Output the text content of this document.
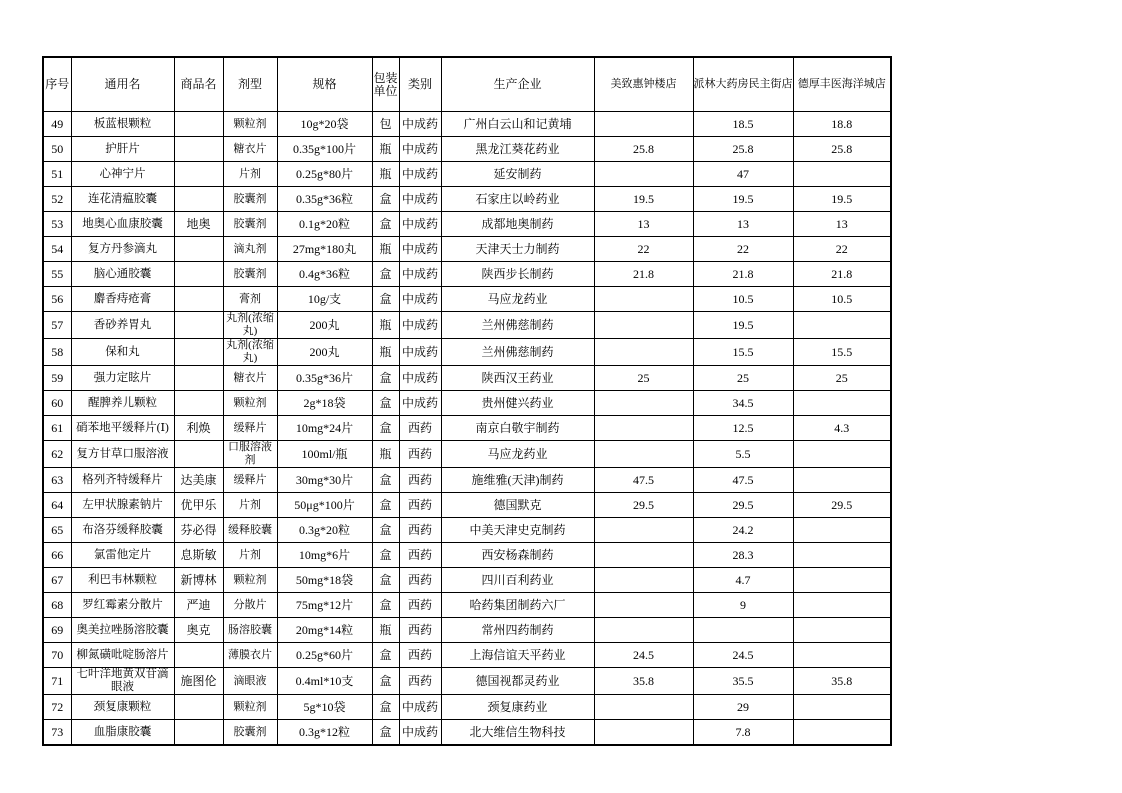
序号	通用名	商品名	剂型	规格	包装单位	类别	生产企业	美致惠钟楼店	派林大药房民主街店	德厚丰医海洋城店
49	板蓝根颗粒		颗粒剂	10g*20袋	包	中成药	广州白云山和记黄埔		18.5	18.8
50	护肝片		糖衣片	0.35g*100片	瓶	中成药	黑龙江葵花药业	25.8	25.8	25.8
51	心神宁片		片剂	0.25g*80片	瓶	中成药	延安制药		47	
52	连花清瘟胶囊		胶囊剂	0.35g*36粒	盒	中成药	石家庄以岭药业	19.5	19.5	19.5
53	地奥心血康胶囊	地奥	胶囊剂	0.1g*20粒	盒	中成药	成都地奥制药	13	13	13
54	复方丹参滴丸		滴丸剂	27mg*180丸	瓶	中成药	天津天士力制药	22	22	22
55	脑心通胶囊		胶囊剂	0.4g*36粒	盒	中成药	陕西步长制药	21.8	21.8	21.8
56	麝香痔疮膏		膏剂	10g/支	盒	中成药	马应龙药业		10.5	10.5
57	香砂养胃丸		丸剂(浓缩丸)	200丸	瓶	中成药	兰州佛慈制药		19.5	
58	保和丸		丸剂(浓缩丸)	200丸	瓶	中成药	兰州佛慈制药		15.5	15.5
59	强力定眩片		糖衣片	0.35g*36片	盒	中成药	陕西汉王药业	25	25	25
60	醒脾养儿颗粒		颗粒剂	2g*18袋	盒	中成药	贵州健兴药业		34.5	
61	硝苯地平缓释片(Ⅰ)	利焕	缓释片	10mg*24片	盒	西药	南京白敬宇制药		12.5	4.3
62	复方甘草口服溶液		口服溶液剂	100ml/瓶	瓶	西药	马应龙药业		5.5	
63	格列齐特缓释片	达美康	缓释片	30mg*30片	盒	西药	施维雅(天津)制药	47.5	47.5	
64	左甲状腺素钠片	优甲乐	片剂	50μg*100片	盒	西药	德国默克	29.5	29.5	29.5
65	布洛芬缓释胶囊	芬必得	缓释胶囊	0.3g*20粒	盒	西药	中美天津史克制药		24.2	
66	氯雷他定片	息斯敏	片剂	10mg*6片	盒	西药	西安杨森制药		28.3	
67	利巴韦林颗粒	新博林	颗粒剂	50mg*18袋	盒	西药	四川百利药业		4.7	
68	罗红霉素分散片	严迪	分散片	75mg*12片	盒	西药	哈药集团制药六厂		9	
69	奥美拉唑肠溶胶囊	奥克	肠溶胶囊	20mg*14粒	瓶	西药	常州四药制药			
70	柳氮磺吡啶肠溶片		薄膜衣片	0.25g*60片	盒	西药	上海信谊天平药业	24.5	24.5	
71	七叶洋地黄双苷滴眼液	施图伦	滴眼液	0.4ml*10支	盒	西药	德国视都灵药业	35.8	35.5	35.8
72	颈复康颗粒		颗粒剂	5g*10袋	盒	中成药	颈复康药业		29	
73	血脂康胶囊		胶囊剂	0.3g*12粒	盒	中成药	北大维信生物科技		7.8	
